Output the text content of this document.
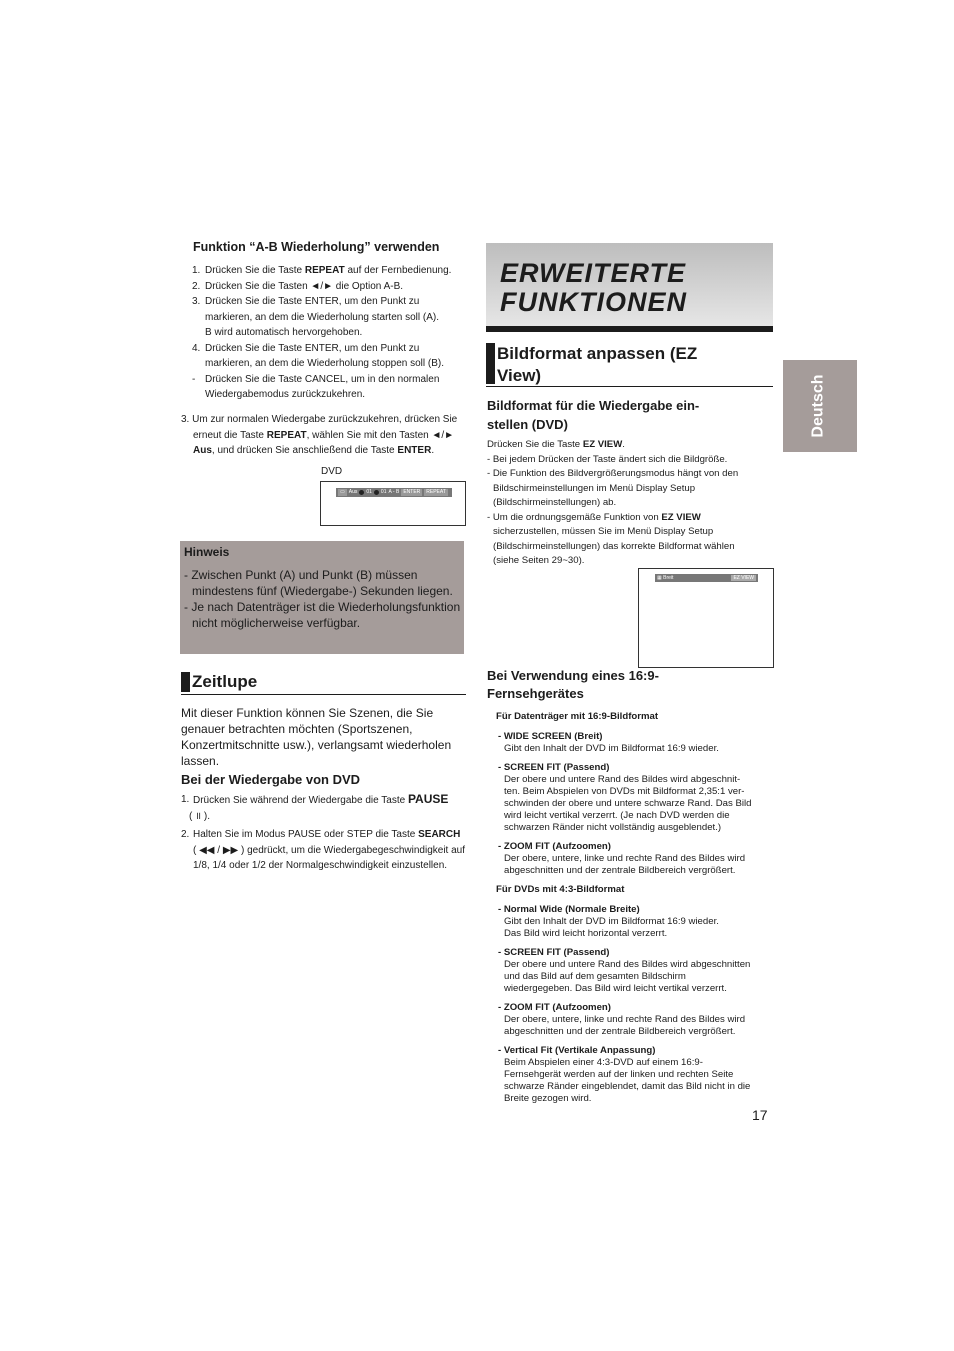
Funktion “A-B Wiederholung” verwenden
1. Drücken Sie die Taste REPEAT auf der Fernbedienung.
2. Drücken Sie die Tasten ◄/► die Option A-B.
3. Drücken Sie die Taste ENTER, um den Punkt zu
markieren, an dem die Wiederholung starten soll (A).
B wird automatisch hervorgehoben.
4. Drücken Sie die Taste ENTER, um den Punkt zu
markieren, an dem die Wiederholung stoppen soll (B).
- Drücken Sie die Taste CANCEL, um in den normalen
Wiedergabemodus zurückzukehren.
3. Um zur normalen Wiedergabe zurückzukehren, drücken Sie
erneut die Taste REPEAT, wählen Sie mit den Tasten ◄/►
Aus, und drücken Sie anschließend die Taste ENTER.
DVD
▭ Aus 01 01 A - B ENTER	REPEAT
Hinweis
- Zwischen Punkt (A) und Punkt (B) müssen mindestens fünf (Wiedergabe-) Sekunden liegen.
- Je nach Datenträger ist die Wiederholungsfunktion nicht möglicherweise verfügbar.
Zeitlupe
Mit dieser Funktion können Sie Szenen, die Sie genauer betrachten möchten (Sportszenen, Konzertmitschnitte usw.), verlangsamt wiederholen lassen.
Bei der Wiedergabe von DVD
1. Drücken Sie während der Wiedergabe die Taste PAUSE
( ॥ ).
2. Halten Sie im Modus PAUSE oder STEP die Taste SEARCH
( ◀◀ / ▶▶ ) gedrückt, um die Wiedergabegeschwindigkeit auf
1/8, 1/4 oder 1/2 der Normalgeschwindigkeit einzustellen.
ERWEITERTE
FUNKTIONEN
Bildformat anpassen (EZ
View)
Bildformat für die Wiedergabe ein-
stellen (DVD)
Drücken Sie die Taste EZ VIEW.
- Bei jedem Drücken der Taste ändert sich die Bildgröße.
- Die Funktion des Bildvergrößerungsmodus hängt von den
Bildschirmeinstellungen im Menü Display Setup
(Bildschirmeinstellungen) ab.
- Um die ordnungsgemäße Funktion von EZ VIEW
sicherzustellen, müssen Sie im Menü Display Setup
(Bildschirmeinstellungen) das korrekte Bildformat wählen
(siehe Seiten 29~30).
▦ Breit	EZ VIEW
Bei Verwendung eines 16:9-
Fernsehgerätes
Für Datenträger mit 16:9-Bildformat
- WIDE SCREEN (Breit)
Gibt den Inhalt der DVD im Bildformat 16:9 wieder.
- SCREEN FIT (Passend)
Der obere und untere Rand des Bildes wird abgeschnit-
ten. Beim Abspielen von DVDs mit Bildformat 2,35:1 ver-
schwinden der obere und untere schwarze Rand. Das Bild
wird leicht vertikal verzerrt. (Je nach DVD werden die
schwarzen Ränder nicht vollständig ausgeblendet.)
- ZOOM FIT (Aufzoomen)
Der obere, untere, linke und rechte Rand des Bildes wird
abgeschnitten und der zentrale Bildbereich vergrößert.
Für DVDs mit 4:3-Bildformat
- Normal Wide (Normale Breite)
Gibt den Inhalt der DVD im Bildformat 16:9 wieder.
Das Bild wird leicht horizontal verzerrt.
- SCREEN FIT (Passend)
Der obere und untere Rand des Bildes wird abgeschnitten
und das Bild auf dem gesamten Bildschirm
wiedergegeben. Das Bild wird leicht vertikal verzerrt.
- ZOOM FIT (Aufzoomen)
Der obere, untere, linke und rechte Rand des Bildes wird
abgeschnitten und der zentrale Bildbereich vergrößert.
- Vertical Fit (Vertikale Anpassung)
Beim Abspielen einer 4:3-DVD auf einem 16:9-
Fernsehgerät werden auf der linken und rechten Seite
schwarze Ränder eingeblendet, damit das Bild nicht in die
Breite gezogen wird.
17
Deutsch
